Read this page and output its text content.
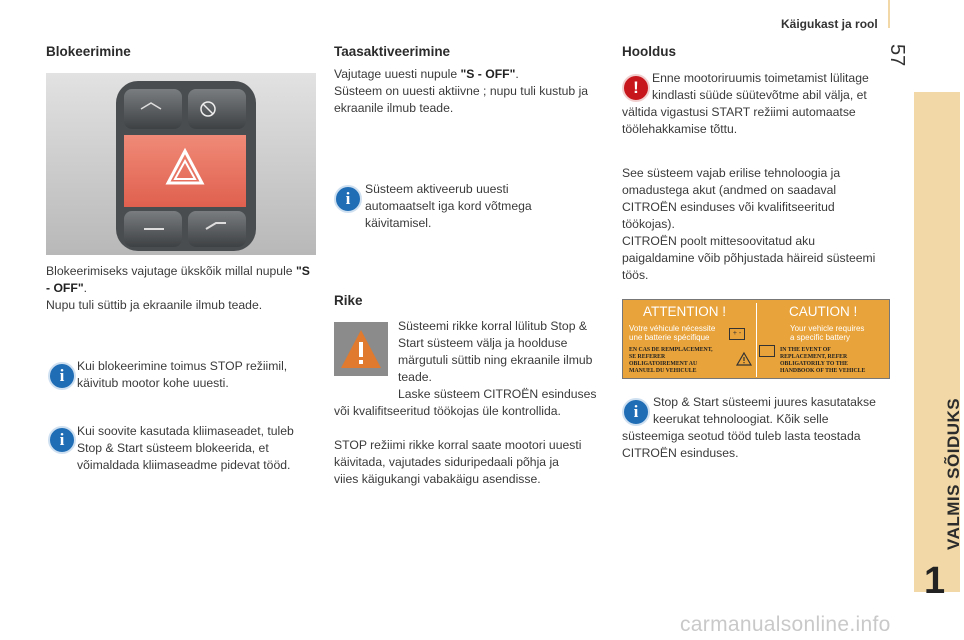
Käigukast ja rool
57
VALMIS SÕIDUKS
1
Blokeerimine
Blokeerimiseks vajutage ükskõik millal nupule "S - OFF".
Nupu tuli süttib ja ekraanile ilmub teade.
i	Kui blokeerimine toimus STOP režiimil, käivitub mootor kohe uuesti.
i	Kui soovite kasutada kliimaseadet, tuleb Stop & Start süsteem blokeerida, et võimaldada kliimaseadme pidevat tööd.
Taasaktiveerimine
Vajutage uuesti nupule "S - OFF".
Süsteem on uuesti aktiivne ; nupu tuli kustub ja ekraanile ilmub teade.
i	Süsteem aktiveerub uuesti automaatselt iga kord võtmega käivitamisel.
Rike
Süsteemi rikke korral lülitub Stop & Start süsteem välja ja hoolduse märgutuli süttib ning ekraanile ilmub teade.
Laske süsteem CITROËN esinduses või kvalifitseeritud töökojas üle kontrollida.
STOP režiimi rikke korral saate mootori uuesti käivitada, vajutades siduripedaali põhja ja viies käigukangi vabakäigu asendisse.
Hooldus
!	Enne mootoriruumis toimetamist lülitage kindlasti süüde süütevõtme abil välja, et vältida vigastusi START režiimi automaatse töölehakkamise tõttu.
See süsteem vajab erilise tehnoloogia ja omadustega akut (andmed on saadaval CITROËN esinduses või kvalifitseeritud töökojas).
CITROËN poolt mittesoovitatud aku paigaldamine võib põhjustada häireid süsteemi töös.
ATTENTION !
Votre véhicule nécessite
une batterie spécifique	+ -
EN CAS DE REMPLACEMENT,
SE REFERER
OBLIGATOIREMENT AU
MANUEL DU VEHICULE
CAUTION !
Your vehicle requires
a specific battery
IN THE EVENT OF
REPLACEMENT, REFER
OBLIGATORILY TO THE
HANDBOOK OF THE VEHICLE
i	Stop & Start süsteemi juures kasutatakse keerukat tehnoloogiat. Kõik selle süsteemiga seotud tööd tuleb lasta teostada CITROËN esinduses.
carmanualsonline.info
